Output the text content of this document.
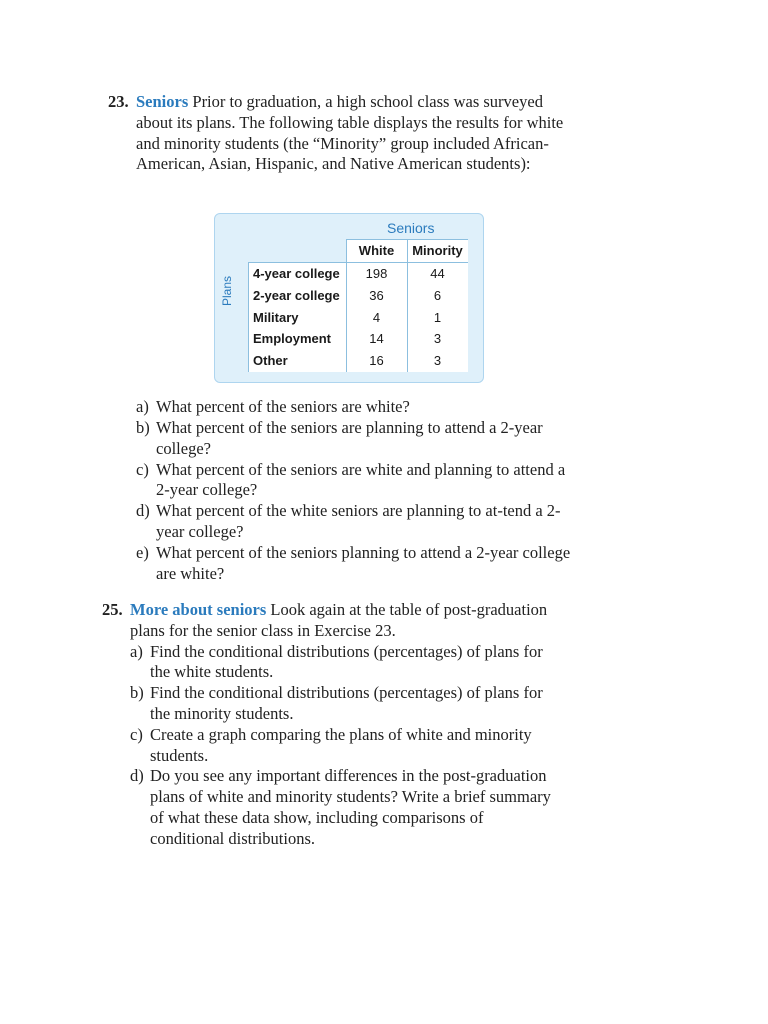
23. Seniors Prior to graduation, a high school class was surveyed about its plans. The following table displays the results for white and minority students (the “Minority” group included African-American, Asian, Hispanic, and Native American students):
a) What percent of the seniors are white?
b) What percent of the seniors are planning to attend a 2-year college?
c) What percent of the seniors are white and planning to attend a 2-year college?
d) What percent of the white seniors are planning to at-tend a 2-year college?
e) What percent of the seniors planning to attend a 2-year college are white?
Seniors
Plans
White	Minority
4-year college	198	44
2-year college	36	6
Military	4	1
Employment	14	3
Other	16	3
25. More about seniors Look again at the table of post-graduation plans for the senior class in Exercise 23.
a) Find the conditional distributions (percentages) of plans for the white students.
b) Find the conditional distributions (percentages) of plans for the minority students.
c) Create a graph comparing the plans of white and minority students.
d) Do you see any important differences in the post-graduation plans of white and minority students? Write a brief summary of what these data show, including comparisons of conditional distributions.
